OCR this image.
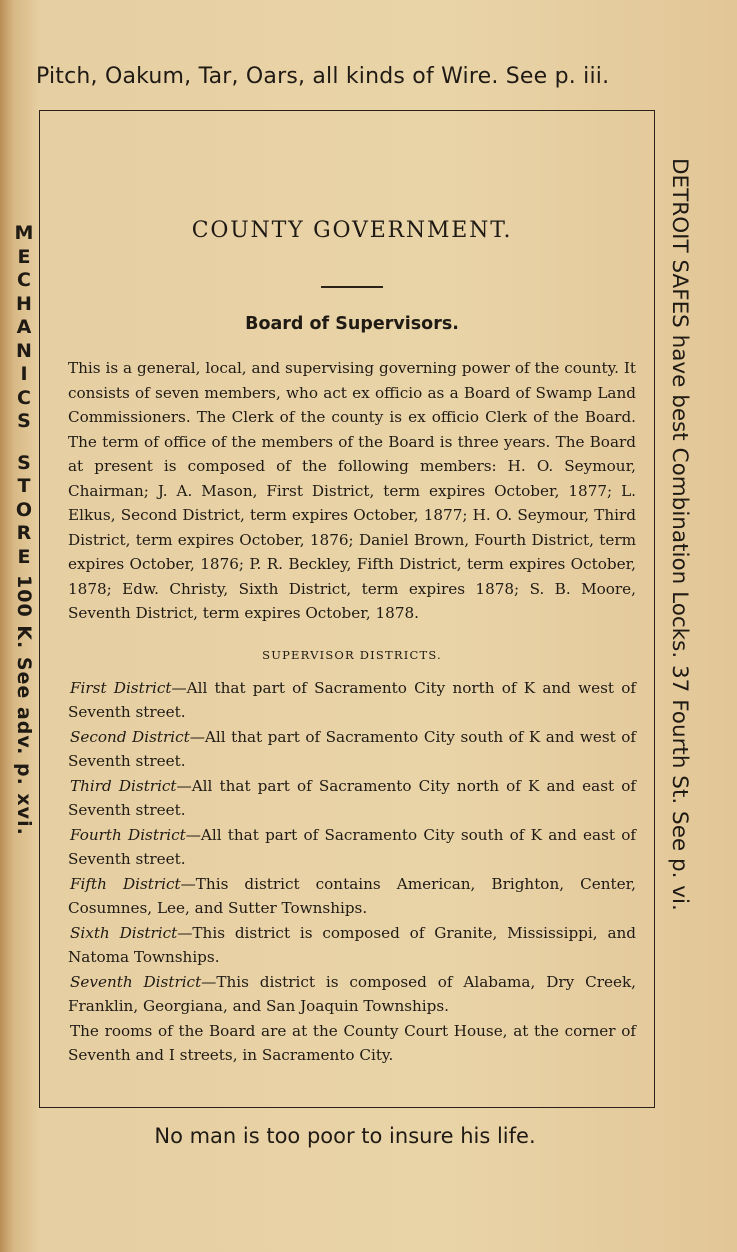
Pitch, Oakum, Tar, Oars, all kinds of Wire. See p. iii.
M
E
C
H
A
N
I
C
S
S
T
O
R
E
100 K. See adv. p. xvi.	DETROIT SAFES have best Combination Locks. 37 Fourth St. See p. vi.
COUNTY GOVERNMENT.
Board of Supervisors.

This is a general, local, and supervising governing power of the county. It consists of seven members, who act ex officio as a Board of Swamp Land Commissioners. The Clerk of the county is ex officio Clerk of the Board. The term of office of the members of the Board is three years. The Board at present is composed of the following members: H. O. Seymour, Chairman; J. A. Mason, First District, term expires October, 1877; L. Elkus, Second District, term expires October, 1877; H. O. Seymour, Third District, term expires October, 1876; Daniel Brown, Fourth District, term expires October, 1876; P. R. Beckley, Fifth District, term expires October, 1878; Edw. Christy, Sixth District, term expires 1878; S. B. Moore, Seventh District, term expires October, 1878.

SUPERVISOR DISTRICTS.

First District—All that part of Sacramento City north of K and west of Seventh street.

Second District—All that part of Sacramento City south of K and west of Seventh street.

Third District—All that part of Sacramento City north of K and east of Seventh street.

Fourth District—All that part of Sacramento City south of K and east of Seventh street.

Fifth District—This district contains American, Brighton, Center, Cosumnes, Lee, and Sutter Townships.

Sixth District—This district is composed of Granite, Mississippi, and Natoma Townships.

Seventh District—This district is composed of Alabama, Dry Creek, Franklin, Georgiana, and San Joaquin Townships.

The rooms of the Board are at the County Court House, at the corner of Seventh and I streets, in Sacramento City.

No man is too poor to insure his life.
